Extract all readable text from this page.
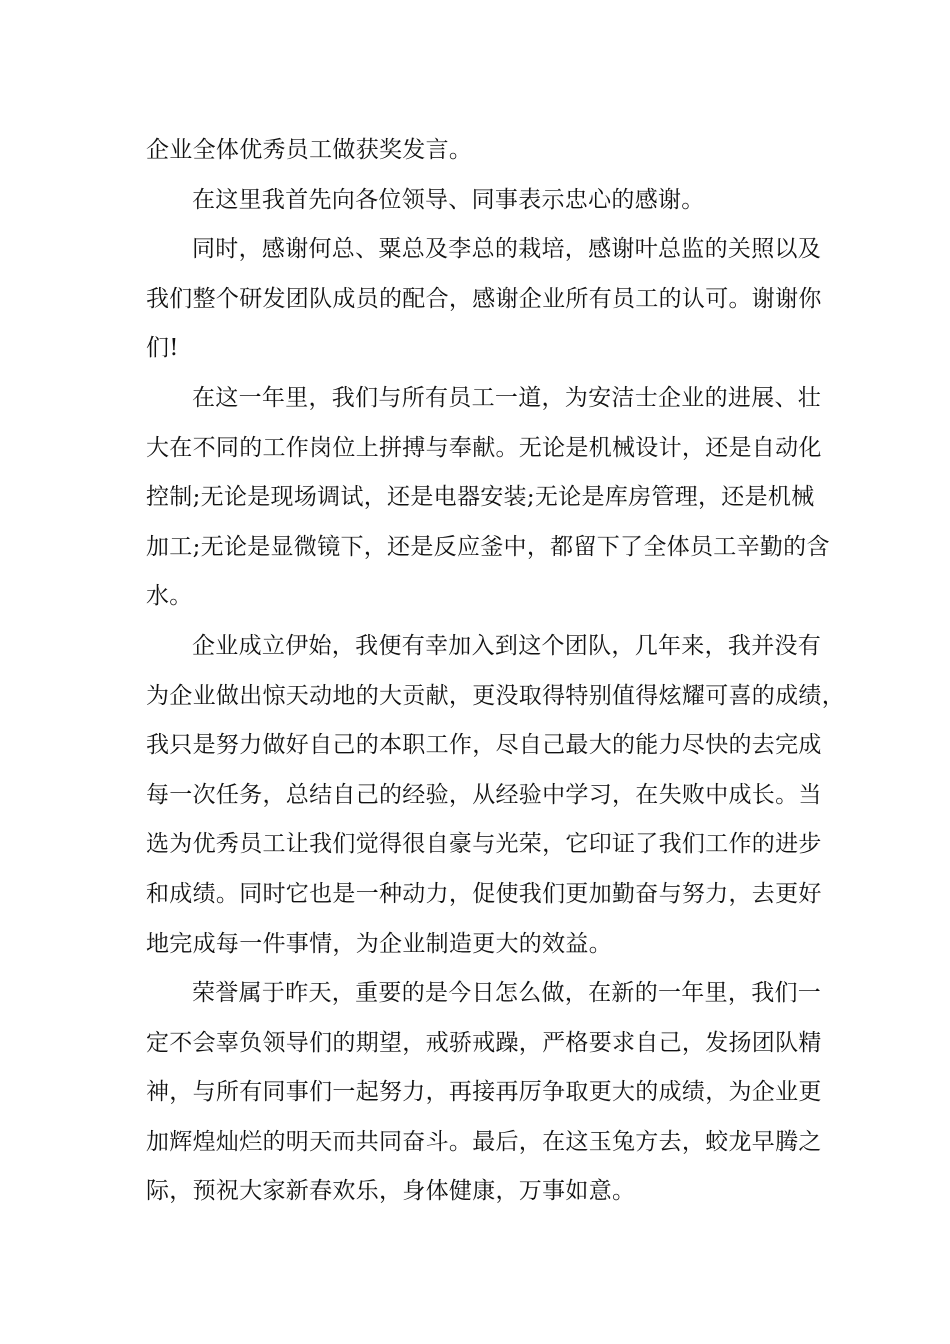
企业全体优秀员工做获奖发言。
在这里我首先向各位领导、同事表示忠心的感谢。
同时，感谢何总、粟总及李总的栽培，感谢叶总监的关照以及
我们整个研发团队成员的配合，感谢企业所有员工的认可。谢谢你
们!
在这一年里，我们与所有员工一道，为安洁士企业的进展、壮
大在不同的工作岗位上拼搏与奉献。无论是机械设计，还是自动化
控制;无论是现场调试，还是电器安装;无论是库房管理，还是机械
加工;无论是显微镜下，还是反应釜中，都留下了全体员工辛勤的含
水。
企业成立伊始，我便有幸加入到这个团队，几年来，我并没有
为企业做出惊天动地的大贡献，更没取得特别值得炫耀可喜的成绩，
我只是努力做好自己的本职工作，尽自己最大的能力尽快的去完成
每一次任务，总结自己的经验，从经验中学习，在失败中成长。当
选为优秀员工让我们觉得很自豪与光荣，它印证了我们工作的进步
和成绩。同时它也是一种动力，促使我们更加勤奋与努力，去更好
地完成每一件事情，为企业制造更大的效益。
荣誉属于昨天，重要的是今日怎么做，在新的一年里，我们一
定不会辜负领导们的期望，戒骄戒躁，严格要求自己，发扬团队精
神，与所有同事们一起努力，再接再厉争取更大的成绩，为企业更
加辉煌灿烂的明天而共同奋斗。最后，在这玉兔方去，蛟龙早腾之
际，预祝大家新春欢乐，身体健康，万事如意。
